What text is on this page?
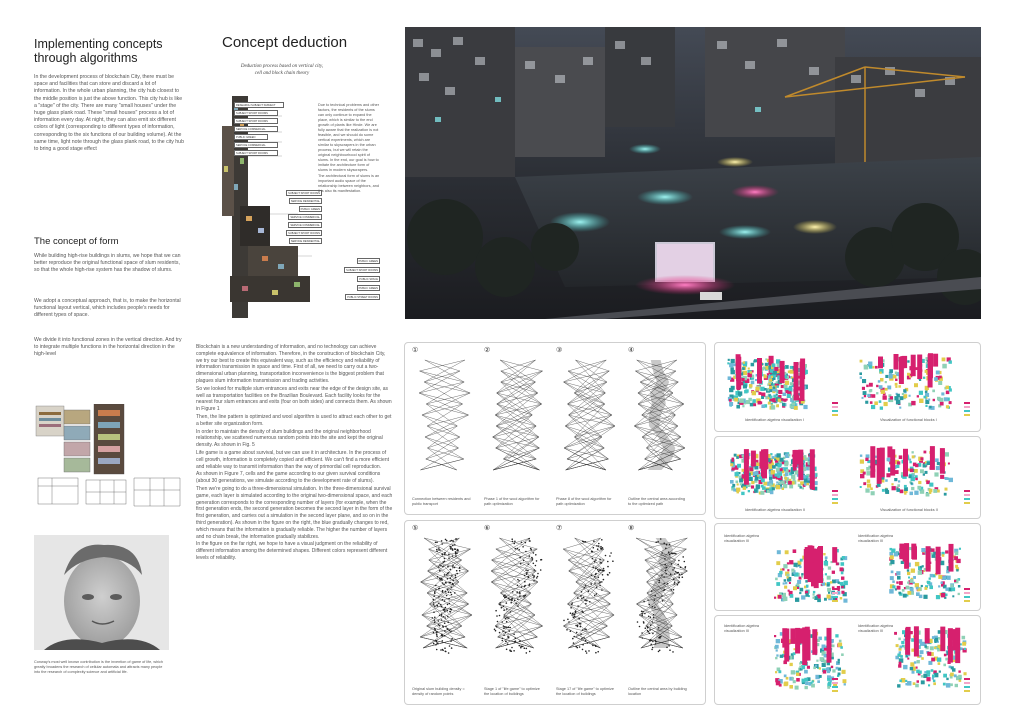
Implementing concepts
through algorithms

In the development process of blockchain City, there must be space and facilities that can store and discard a lot of information. In the whole urban planning, the city hub closest to the middle position is just the above function. This city hub is like a "stage" of the city. There are many "small houses" under the huge glass plank road. These "small houses" process a lot of information every day. At night, they can also emit six different colors of light (corresponding to different types of information, corresponding to the six functions of our building volume). At the same time, light note through the glass plank road, to the city hub to bring a good stage effect

The concept of form

While building high-rise buildings in slums, we hope that we can better reproduce the original functional space of slum residents, so that the whole high-rise system has the shadow of slums.

We adopt a conceptual approach, that is, to make the horizontal functional layout vertical, which includes people's needs for different types of space.

We divide it into functional zones in the vertical direction. And try to integrate multiple functions in the horizontal direction in the high-level

Conway's most well known contribution is the invention of game of life, which greatly broadens the research of cellular automata and attracts many people into the research of complexity science and artificial life.

Concept deduction
Deduction process based on vertical city,
cell and block chain theory
RESEARCH SUBJECT SUBJECT
SUBJECT SPORT ROOMS
SUBJECT SPORT ROOMS
SERVICE COMMERCIAL
PUBLIC GREEN
SERVICE COMMERCIAL
SUBJECT SPORT ROOMS
SUBJECT SPORT ROOMS
SERVICE RESIDENTIAL
PUBLIC GREEN
SERVICE COMMERCIAL
SERVICE COMMERCIAL
SUBJECT SPORT ROOMS
SERVICE RESIDENTIAL
PUBLIC GREEN
SUBJECT SPORT ROOMS
PUBLIC SPACE
PUBLIC GREEN
PUBLIC STREET ROOMS

Due to technical problems and other factors, the residents of the slums can only continue to expand the place, which is similar to the end growth of plants like Hinde. We are fully aware that the realization is not feasible, and we should do some vertical experiments, which are similar to skyscrapers in the urban process, but we will retain the original neighbourhood spirit of slums. In the end, our goal is how to imitate the architecture form of slums in modern skyscrapers.

The architectural form of slums is an important audio space of the relationship between neighbors, and it is also its manifestation.

Blockchain is a new understanding of information, and no technology can achieve complete equivalence of information. Therefore, in the construction of blockchain City, we try our best to create this equivalent way, such as the efficiency and reliability of information transmission in space and time. First of all, we need to carry out a two-dimensional urban planning, transportation inconvenience is the biggest problem that plagues slum information transmission and trading activities.

So we looked for multiple slum entrances and exits near the edge of the design site, as well as transportation facilities on the Brazilian Boulevard. Each facility looks for the nearest four slum entrances and exits (four on both sides) and connects them. As shown in Figure 1

Then, the line pattern is optimized and wool algorithm is used to attract each other to get a better site organization form.

In order to maintain the density of slum buildings and the original neighborhood relationship, we scattered numerous random points into the site and kept the original density. As shown in Fig. 5

Life game is a game about survival, but we can use it in architecture. In the process of cell growth, information is completely copied and efficient. We can't find a more efficient and reliable way to transmit information than the way of primordial cell reproduction.

As shown in Figure 7, cells and the game according to our given survival conditions (about 30 generations, we simulate according to the development rate of slums).

Then we're going to do a three-dimensional simulation. In the three-dimensional survival game, each layer is simulated according to the original two-dimensional space, and each generation corresponds to the corresponding number of layers (for example, when the first generation ends, the second generation becomes the second layer in the form of the first generation, and carries out a simulation in the second layer plane, and so on in the third generation). As shown in the figure on the right, the blue gradually changes to red, which means that the information is gradually reliable. The higher the number of layers and no chain break, the information gradually stabilizes.

In the figure on the far right, we hope to have a visual judgment on the reliability of different information among the determined shapes. Different colors represent different levels of reliability.

①
Connection between residents and public transport
②
Phase 1 of the wool algorithm for path optimization
③
Phase 8 of the wool algorithm for path optimization
④
Outline the central area according to the optimized path
⑤
Original slum building density = density of random points
⑥
Stage 1 of "life game" to optimize the location of buildings
⑦
Stage 17 of "life game" to optimize the location of buildings
⑧
Outline the central area by building location
Identification algebra visualization I	Visualization of functional blocks I
Identification algebra visualization II	Visualization of functional blocks II
Identification algebra visualization III
Identification algebra visualization III
Identification algebra visualization III
Identification algebra visualization III
